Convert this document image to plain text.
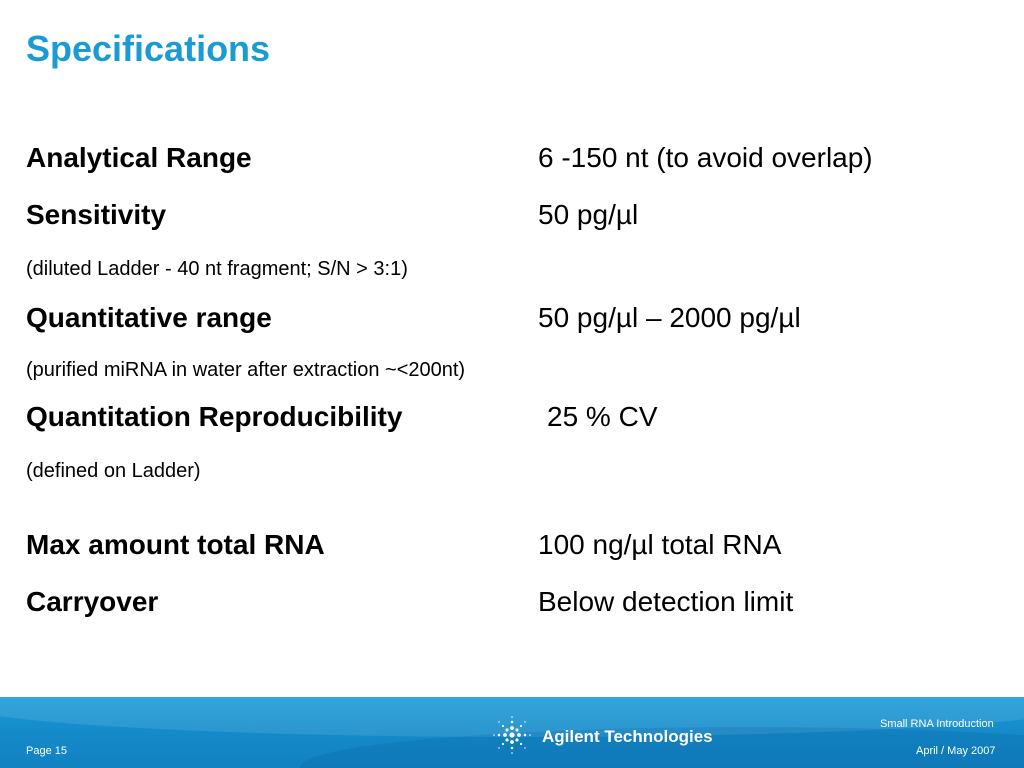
Specifications
Analytical Range	6 -150 nt (to avoid overlap)
Sensitivity	50 pg/µl
(diluted Ladder - 40 nt fragment; S/N > 3:1)
Quantitative range	50 pg/µl – 2000 pg/µl
(purified miRNA in water after extraction ~<200nt)
Quantitation Reproducibility	25 % CV
(defined on Ladder)
Max amount total RNA	100 ng/µl total RNA
Carryover	Below detection limit
Page 15
Small RNA Introduction
April / May 2007
Agilent Technologies
